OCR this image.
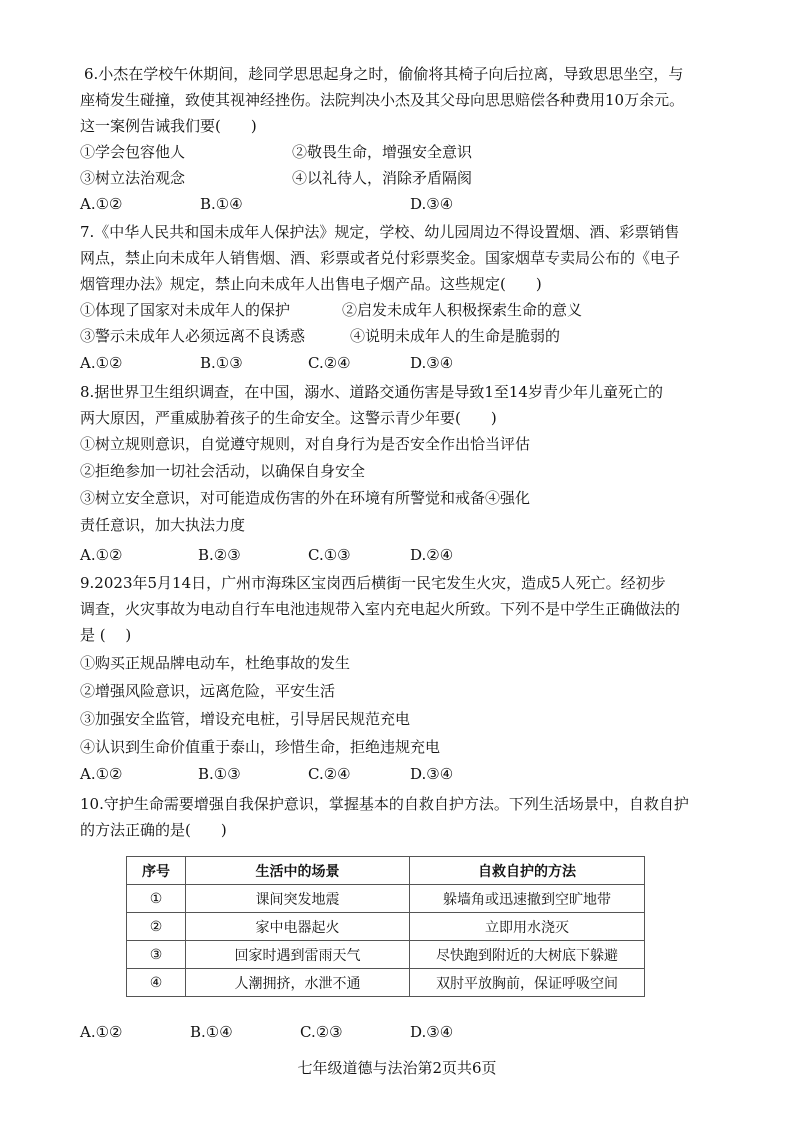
6.小杰在学校午休期间，趁同学思思起身之时，偷偷将其椅子向后拉离，导致思思坐空，与
座椅发生碰撞，致使其视神经挫伤。法院判决小杰及其父母向思思赔偿各种费用10万余元。
这一案例告诫我们要(　　)
①学会包容他人	②敬畏生命，增强安全意识
③树立法治观念	④以礼待人，消除矛盾隔阂
A.①②	B.①④	D.③④
7.《中华人民共和国未成年人保护法》规定，学校、幼儿园周边不得设置烟、酒、彩票销售
网点，禁止向未成年人销售烟、酒、彩票或者兑付彩票奖金。国家烟草专卖局公布的《电子
烟管理办法》规定，禁止向未成年人出售电子烟产品。这些规定(　　)
①体现了国家对未成年人的保护	②启发未成年人积极探索生命的意义
③警示未成年人必须远离不良诱惑	④说明未成年人的生命是脆弱的
A.①②	B.①③	C.②④	D.③④
8.据世界卫生组织调查，在中国，溺水、道路交通伤害是导致1至14岁青少年儿童死亡的
两大原因，严重威胁着孩子的生命安全。这警示青少年要(　　)
①树立规则意识，自觉遵守规则，对自身行为是否安全作出恰当评估
②拒绝参加一切社会活动，以确保自身安全
③树立安全意识，对可能造成伤害的外在环境有所警觉和戒备④强化
责任意识，加大执法力度
A.①②	B.②③	C.①③	D.②④
9.2023年5月14日，广州市海珠区宝岗西后横街一民宅发生火灾，造成5人死亡。经初步
调查，火灾事故为电动自行车电池违规带入室内充电起火所致。下列不是中学生正确做法的
是 (　 )
①购买正规品牌电动车，杜绝事故的发生
②增强风险意识，远离危险，平安生活
③加强安全监管，增设充电桩，引导居民规范充电
④认识到生命价值重于泰山，珍惜生命，拒绝违规充电
A.①②	B.①③	C.②④	D.③④
10.守护生命需要增强自我保护意识，掌握基本的自救自护方法。下列生活场景中，自救自护
的方法正确的是(　　)
序号	生活中的场景	自救自护的方法
①	课间突发地震	躲墙角或迅速撤到空旷地带
②	家中电器起火	立即用水浇灭
③	回家时遇到雷雨天气	尽快跑到附近的大树底下躲避
④	人潮拥挤，水泄不通	双肘平放胸前，保证呼吸空间
A.①②	B.①④	C.②③	D.③④
七年级道德与法治第2页共6页
